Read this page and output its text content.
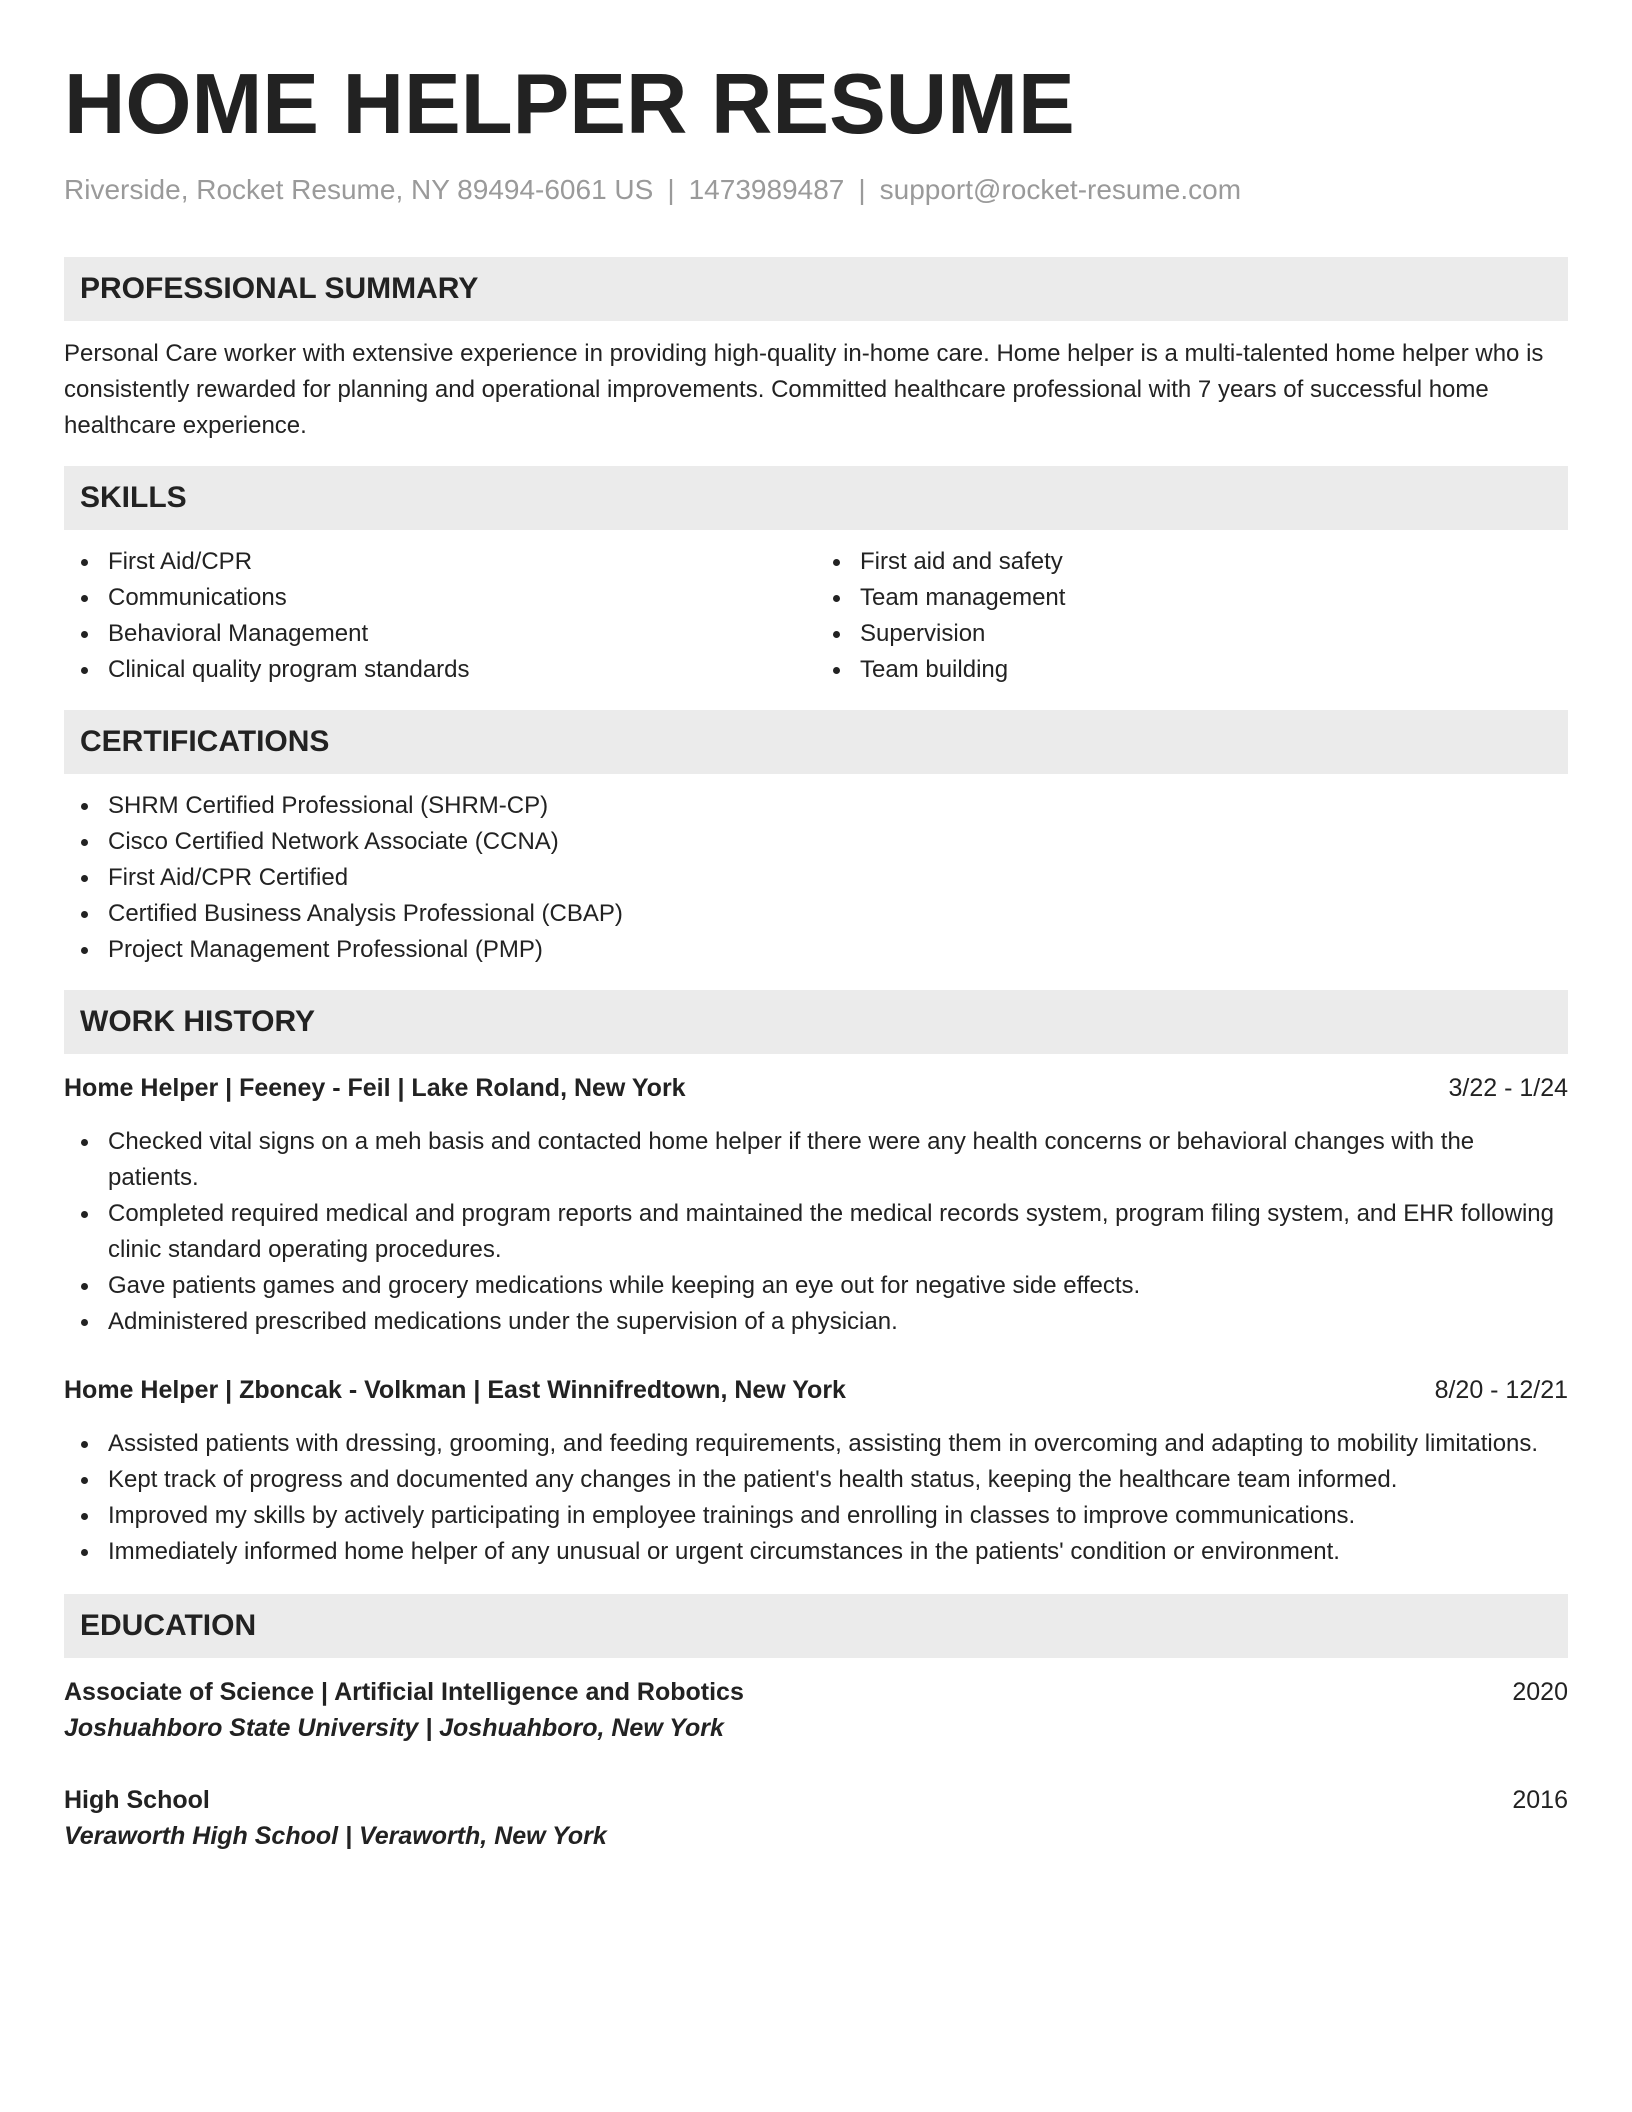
HOME HELPER RESUME
Riverside, Rocket Resume, NY 89494-6061 US | 1473989487 | support@rocket-resume.com
PROFESSIONAL SUMMARY
Personal Care worker with extensive experience in providing high-quality in-home care. Home helper is a multi-talented home helper who is consistently rewarded for planning and operational improvements. Committed healthcare professional with 7 years of successful home healthcare experience.
SKILLS
First Aid/CPR
Communications
Behavioral Management
Clinical quality program standards
First aid and safety
Team management
Supervision
Team building
CERTIFICATIONS
SHRM Certified Professional (SHRM-CP)
Cisco Certified Network Associate (CCNA)
First Aid/CPR Certified
Certified Business Analysis Professional (CBAP)
Project Management Professional (PMP)
WORK HISTORY
Home Helper | Feeney - Feil | Lake Roland, New York	3/22 - 1/24
Checked vital signs on a meh basis and contacted home helper if there were any health concerns or behavioral changes with the patients.
Completed required medical and program reports and maintained the medical records system, program filing system, and EHR following clinic standard operating procedures.
Gave patients games and grocery medications while keeping an eye out for negative side effects.
Administered prescribed medications under the supervision of a physician.
Home Helper | Zboncak - Volkman | East Winnifredtown, New York	8/20 - 12/21
Assisted patients with dressing, grooming, and feeding requirements, assisting them in overcoming and adapting to mobility limitations.
Kept track of progress and documented any changes in the patient's health status, keeping the healthcare team informed.
Improved my skills by actively participating in employee trainings and enrolling in classes to improve communications.
Immediately informed home helper of any unusual or urgent circumstances in the patients' condition or environment.
EDUCATION
Associate of Science | Artificial Intelligence and Robotics	2020
Joshuahboro State University | Joshuahboro, New York
High School	2016
Veraworth High School | Veraworth, New York
